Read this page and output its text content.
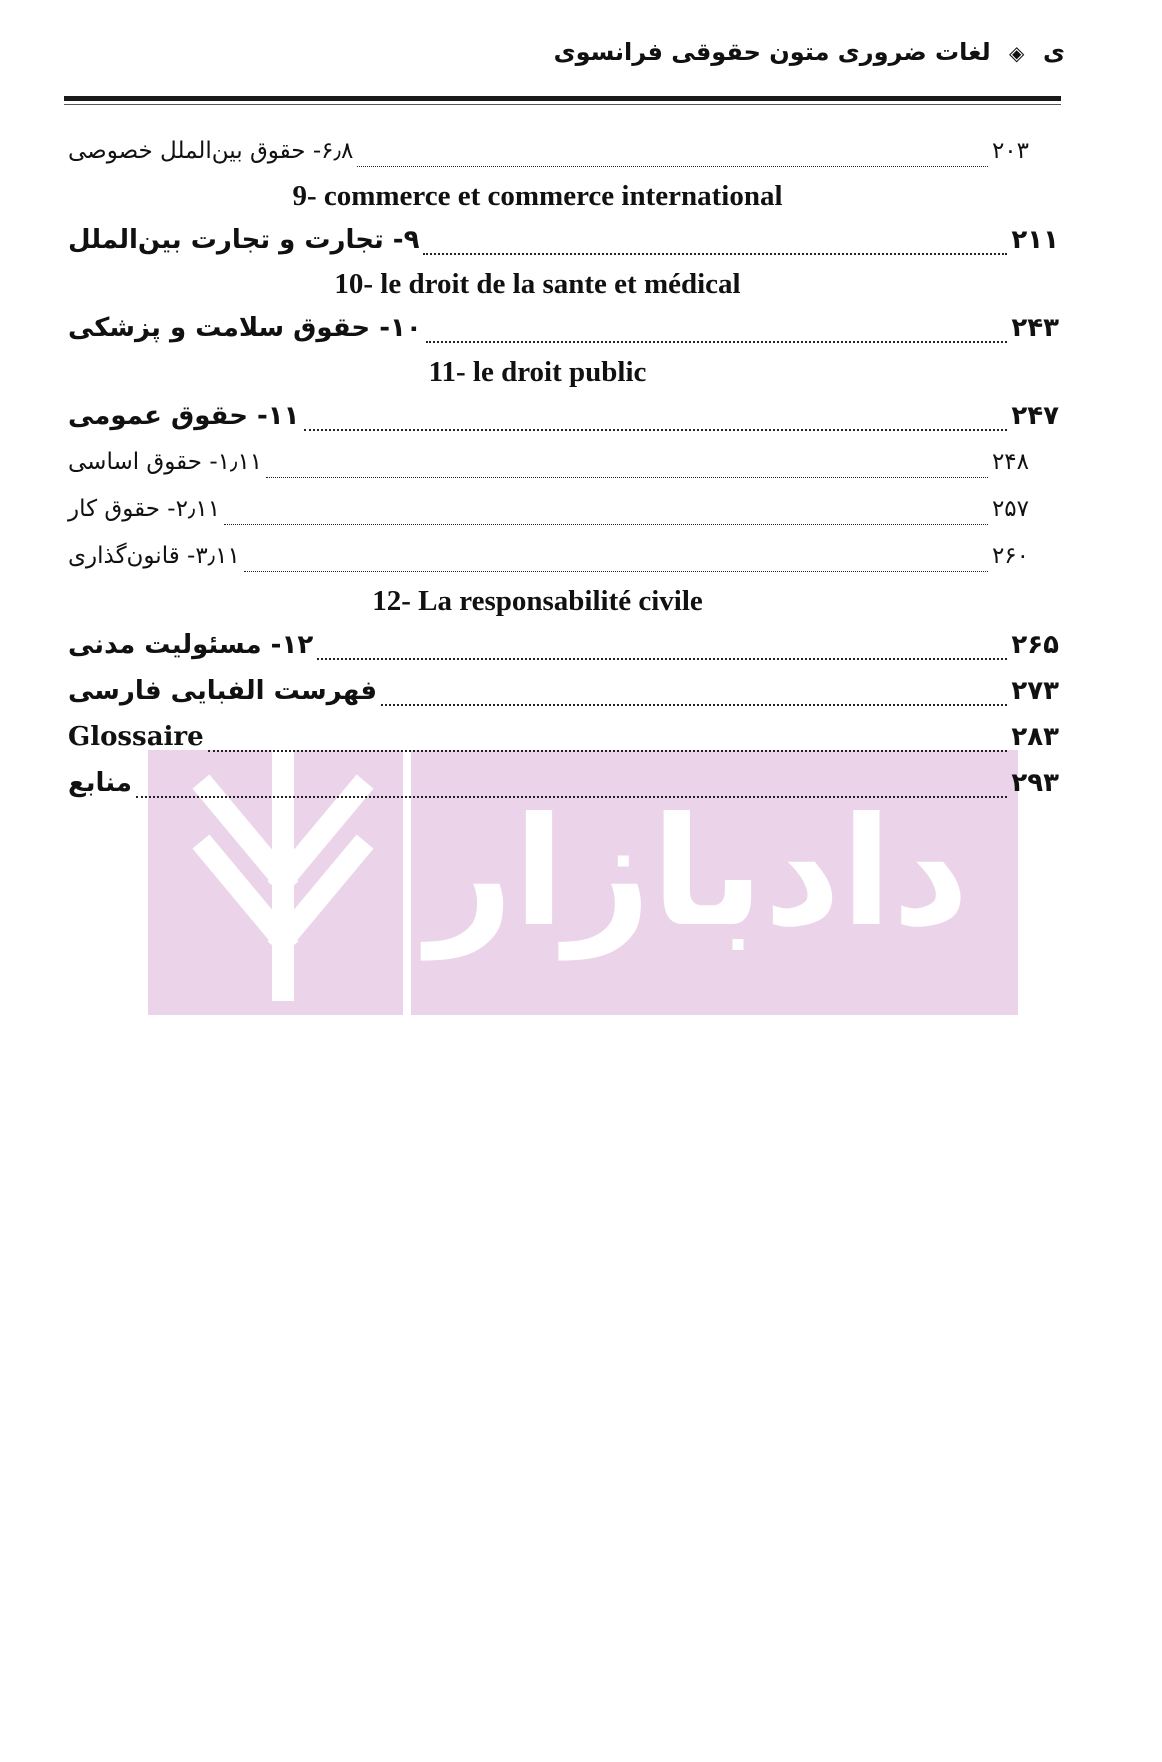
ی ◈ لغات ضروری متون حقوقی فرانسوی
دادبازار
۶٫۸- حقوق بین‌الملل خصوصی	۲۰۳
9- commerce et commerce international
۹- تجارت و تجارت بین‌الملل	۲۱۱
10- le droit de la sante et médical
۱۰- حقوق سلامت و پزشکی	۲۴۳
11- le droit public
۱۱- حقوق عمومی	۲۴۷
۱٫۱۱- حقوق اساسی	۲۴۸
۲٫۱۱- حقوق کار	۲۵۷
۳٫۱۱- قانون‌گذاری	۲۶۰
12- La responsabilité civile
۱۲- مسئولیت مدنی	۲۶۵
فهرست الفبایی فارسی	۲۷۳
Glossaire	۲۸۳
منابع	۲۹۳
